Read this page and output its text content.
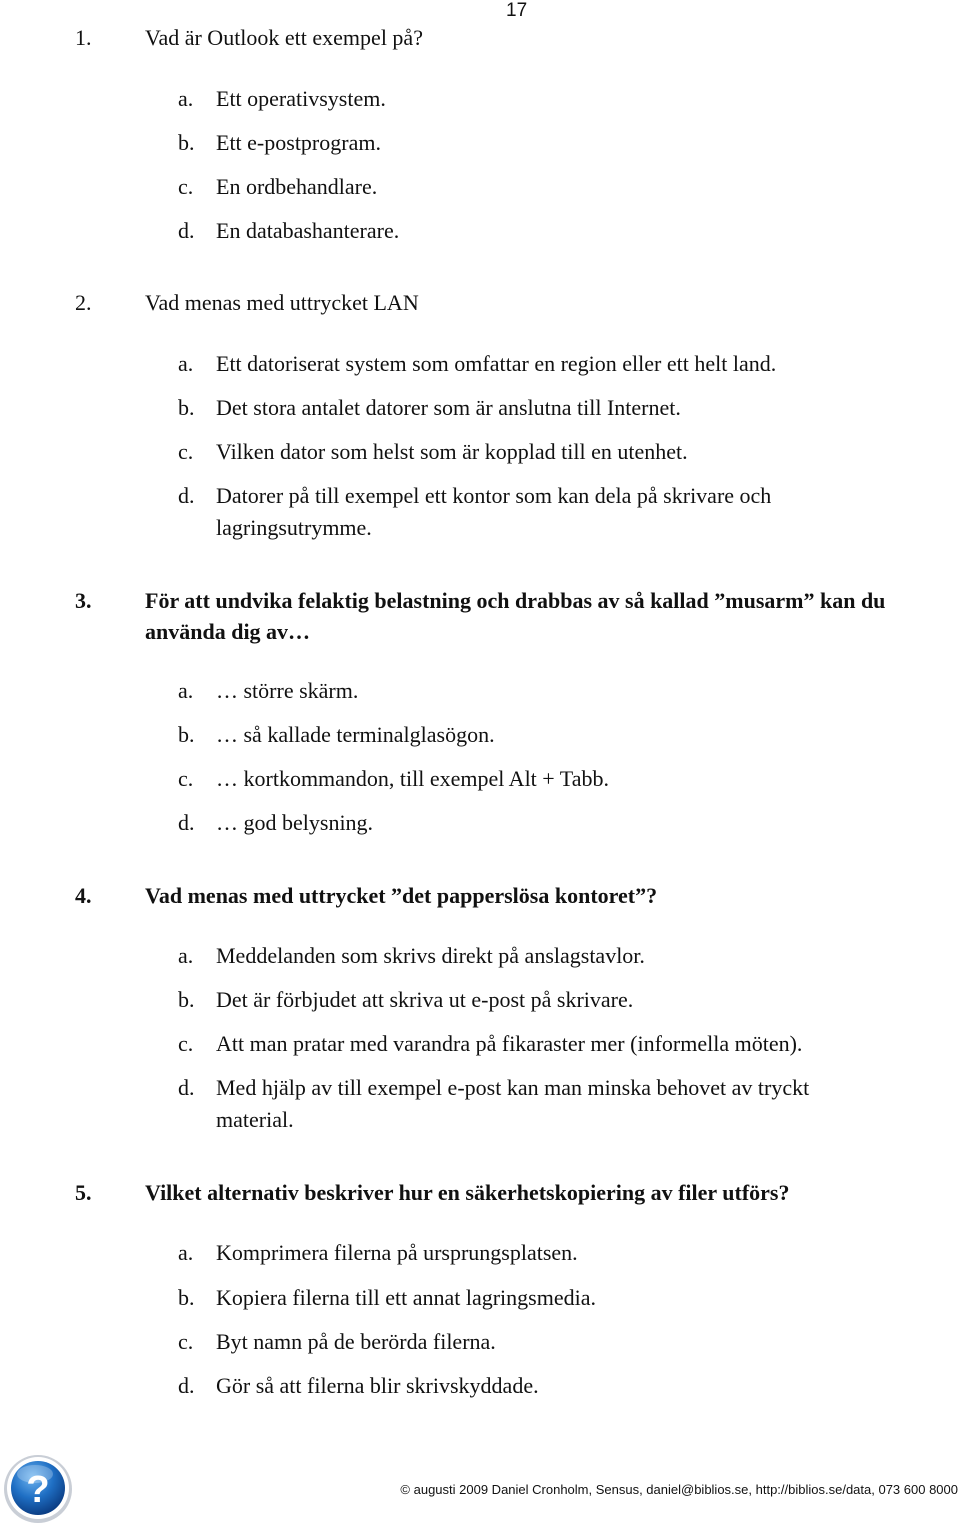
17
1. Vad är Outlook ett exempel på?
a. Ett operativsystem.
b. Ett e-postprogram.
c. En ordbehandlare.
d. En databashanterare.
2. Vad menas med uttrycket LAN
a. Ett datoriserat system som omfattar en region eller ett helt land.
b. Det stora antalet datorer som är anslutna till Internet.
c. Vilken dator som helst som är kopplad till en utenhet.
d. Datorer på till exempel ett kontor som kan dela på skrivare och lagringsutrymme.
3. För att undvika felaktig belastning och drabbas av så kallad ”musarm” kan du använda dig av…
a. … större skärm.
b. … så kallade terminalglasögon.
c. … kortkommandon, till exempel Alt + Tabb.
d. … god belysning.
4. Vad menas med uttrycket ”det papperslösa kontoret”?
a. Meddelanden som skrivs direkt på anslagstavlor.
b. Det är förbjudet att skriva ut e-post på skrivare.
c. Att man pratar med varandra på fikaraster mer (informella möten).
d. Med hjälp av till exempel e-post kan man minska behovet av tryckt material.
5. Vilket alternativ beskriver hur en säkerhetskopiering av filer utförs?
a. Komprimera filerna på ursprungsplatsen.
b. Kopiera filerna till ett annat lagringsmedia.
c. Byt namn på de berörda filerna.
d. Gör så att filerna blir skrivskyddade.
?	© augusti 2009 Daniel Cronholm, Sensus, daniel@biblios.se, http://biblios.se/data, 073 600 8000
